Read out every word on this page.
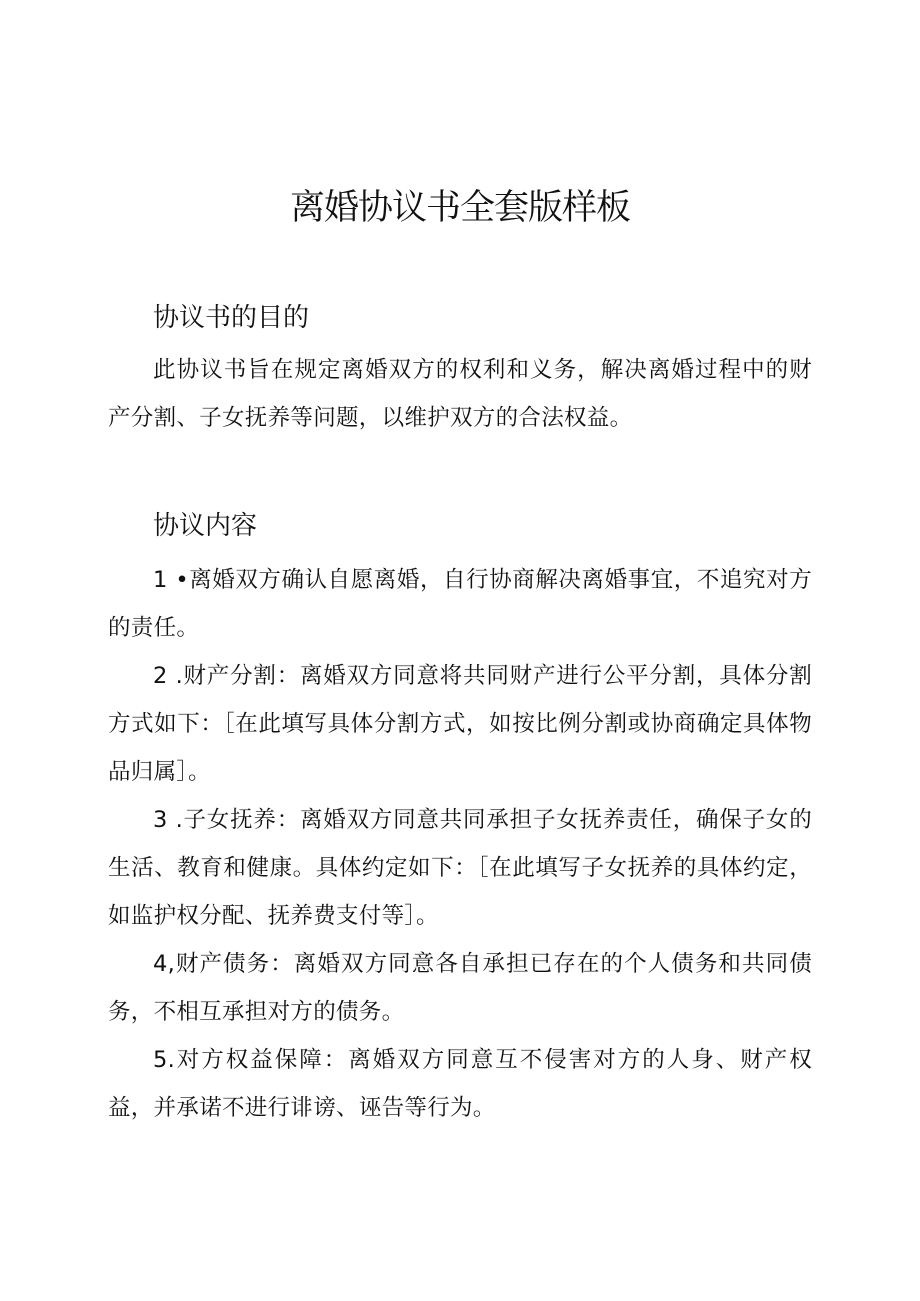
离婚协议书全套版样板
协议书的目的
此协议书旨在规定离婚双方的权利和义务，解决离婚过程中的财产分割、子女抚养等问题，以维护双方的合法权益。
协议内容
1 •离婚双方确认自愿离婚，自行协商解决离婚事宜，不追究对方的责任。
2 .财产分割：离婚双方同意将共同财产进行公平分割，具体分割方式如下：［在此填写具体分割方式，如按比例分割或协商确定具体物品归属］。
3 .子女抚养：离婚双方同意共同承担子女抚养责任，确保子女的生活、教育和健康。具体约定如下：［在此填写子女抚养的具体约定，如监护权分配、抚养费支付等］。
4,财产债务：离婚双方同意各自承担已存在的个人债务和共同债务，不相互承担对方的债务。
5.对方权益保障：离婚双方同意互不侵害对方的人身、财产权益，并承诺不进行诽谤、诬告等行为。
